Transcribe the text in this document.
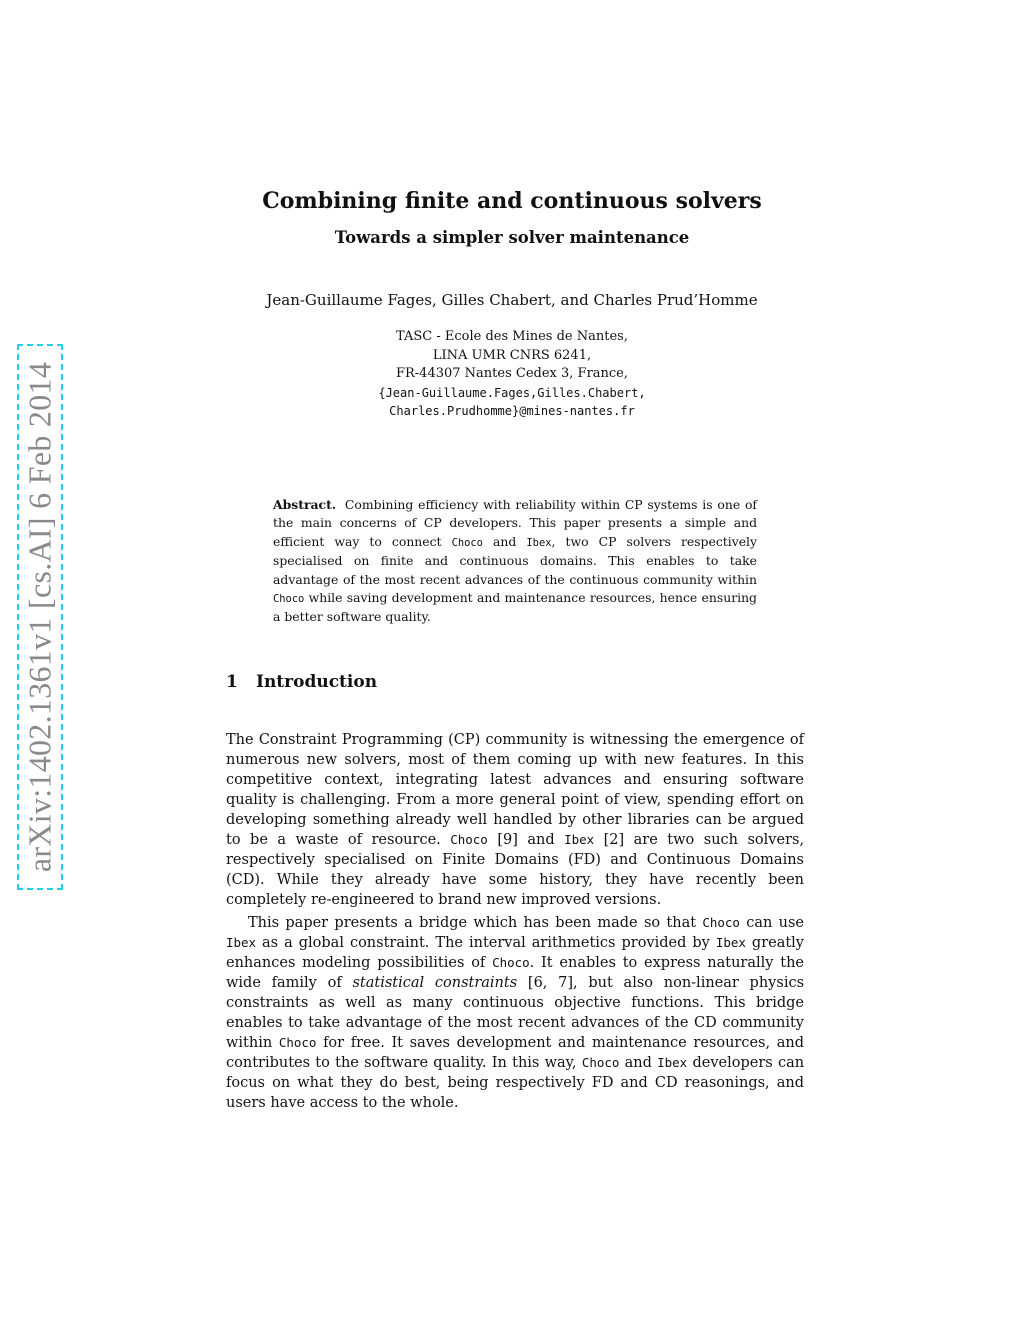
arXiv:1402.1361v1 [cs.AI] 6 Feb 2014
Combining finite and continuous solvers
Towards a simpler solver maintenance
Jean-Guillaume Fages, Gilles Chabert, and Charles Prud’Homme
TASC - Ecole des Mines de Nantes,
LINA UMR CNRS 6241,
FR-44307 Nantes Cedex 3, France,
{Jean-Guillaume.Fages,Gilles.Chabert,
Charles.Prudhomme}@mines-nantes.fr

Abstract. Combining efficiency with reliability within CP systems is one of the main concerns of CP developers. This paper presents a simple and efficient way to connect Choco and Ibex, two CP solvers respectively specialised on finite and continuous domains. This enables to take advantage of the most recent advances of the continuous community within Choco while saving development and maintenance resources, hence ensuring a better software quality.

1 Introduction

The Constraint Programming (CP) community is witnessing the emergence of numerous new solvers, most of them coming up with new features. In this competitive context, integrating latest advances and ensuring software quality is challenging. From a more general point of view, spending effort on developing something already well handled by other libraries can be argued to be a waste of resource. Choco [9] and Ibex [2] are two such solvers, respectively specialised on Finite Domains (FD) and Continuous Domains (CD). While they already have some history, they have recently been completely re-engineered to brand new improved versions.

This paper presents a bridge which has been made so that Choco can use Ibex as a global constraint. The interval arithmetics provided by Ibex greatly enhances modeling possibilities of Choco. It enables to express naturally the wide family of statistical constraints [6, 7], but also non-linear physics constraints as well as many continuous objective functions. This bridge enables to take advantage of the most recent advances of the CD community within Choco for free. It saves development and maintenance resources, and contributes to the software quality. In this way, Choco and Ibex developers can focus on what they do best, being respectively FD and CD reasonings, and users have access to the whole.
